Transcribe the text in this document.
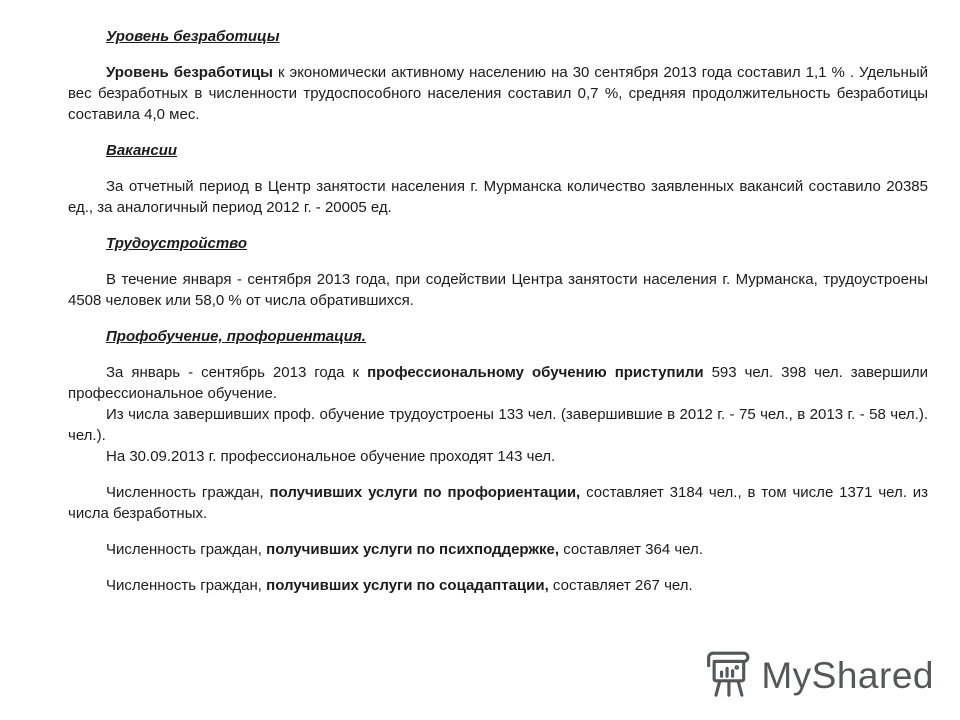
Уровень безработицы

Уровень безработицы к экономически активному населению на 30 сентября 2013 года составил 1,1 % . Удельный вес безработных в численности трудоспособного населения составил 0,7 %, средняя продолжительность безработицы составила 4,0 мес.

Вакансии

За отчетный период в Центр занятости населения г. Мурманска количество заявленных вакансий составило 20385 ед., за аналогичный период 2012 г. - 20005 ед.

Трудоустройство

В течение января - сентября 2013 года, при содействии Центра занятости населения г. Мурманска, трудоустроены 4508 человек или 58,0 % от числа обратившихся.

Профобучение, профориентация.

За январь - сентябрь 2013 года к профессиональному обучению приступили 593 чел. 398 чел. завершили профессиональное обучение.

Из числа завершивших проф. обучение трудоустроены 133 чел. (завершившие в 2012 г. - 75 чел., в 2013 г. - 58 чел.). чел.).

На 30.09.2013 г. профессиональное обучение проходят 143 чел.

Численность граждан, получивших услуги по профориентации, составляет 3184 чел., в том числе 1371 чел. из числа безработных.

Численность граждан, получивших услуги по психподдержке, составляет 364 чел.

Численность граждан, получивших услуги по соцадаптации, составляет 267 чел.

MyShared
